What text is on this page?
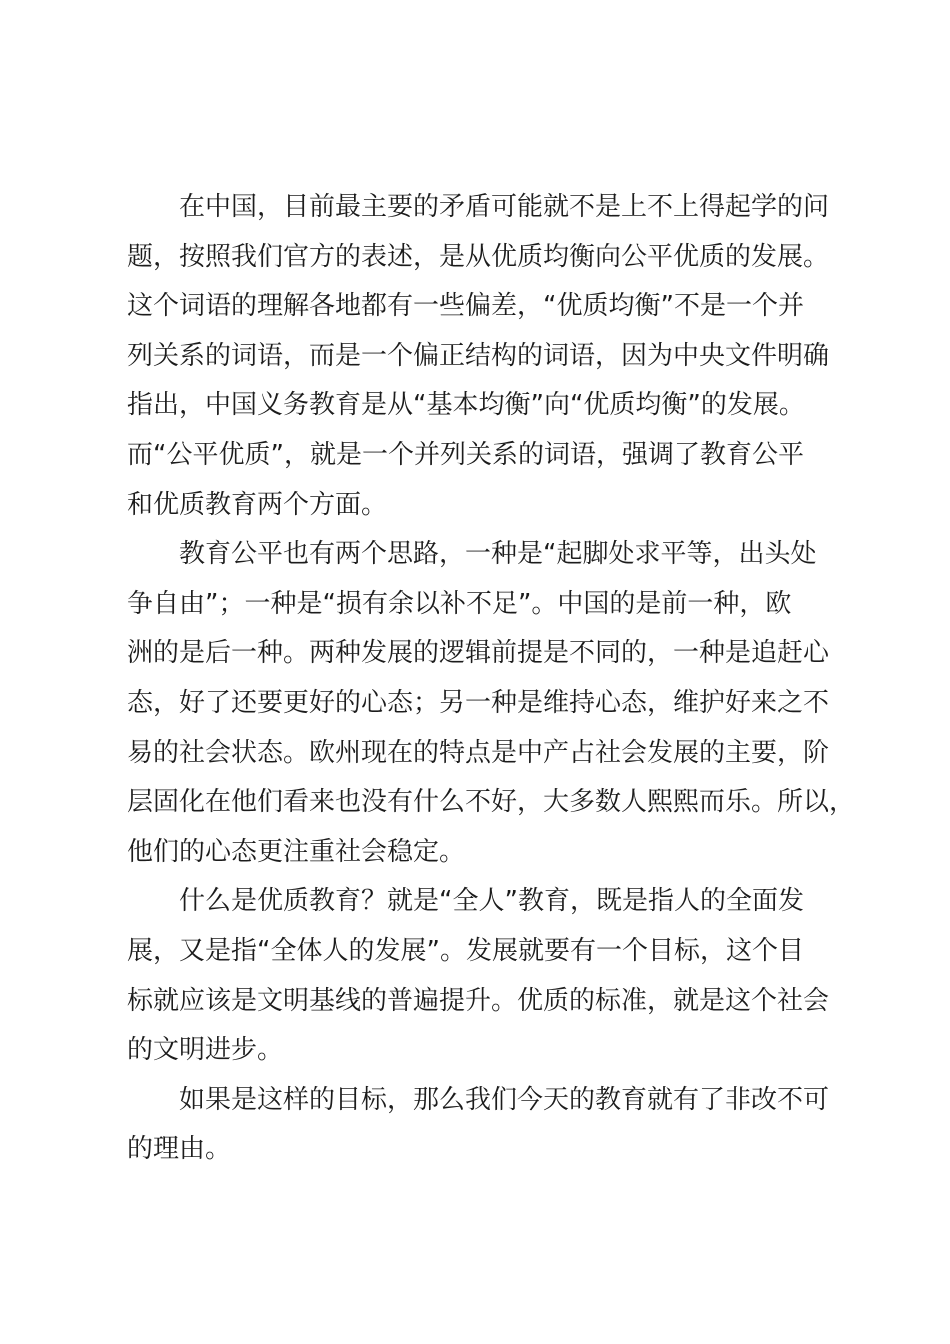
在中国，目前最主要的矛盾可能就不是上不上得起学的问
题，按照我们官方的表述，是从优质均衡向公平优质的发展。
这个词语的理解各地都有一些偏差，“优质均衡”不是一个并
列关系的词语，而是一个偏正结构的词语，因为中央文件明确
指出，中国义务教育是从“基本均衡”向“优质均衡”的发展。
而“公平优质”，就是一个并列关系的词语，强调了教育公平
和优质教育两个方面。
教育公平也有两个思路，一种是“起脚处求平等，出头处
争自由”；一种是“损有余以补不足”。中国的是前一种，欧
洲的是后一种。两种发展的逻辑前提是不同的，一种是追赶心
态，好了还要更好的心态；另一种是维持心态，维护好来之不
易的社会状态。欧州现在的特点是中产占社会发展的主要，阶
层固化在他们看来也没有什么不好，大多数人熙熙而乐。所以，
他们的心态更注重社会稳定。
什么是优质教育？就是“全人”教育，既是指人的全面发
展，又是指“全体人的发展”。发展就要有一个目标，这个目
标就应该是文明基线的普遍提升。优质的标准，就是这个社会
的文明进步。
如果是这样的目标，那么我们今天的教育就有了非改不可
的理由。
